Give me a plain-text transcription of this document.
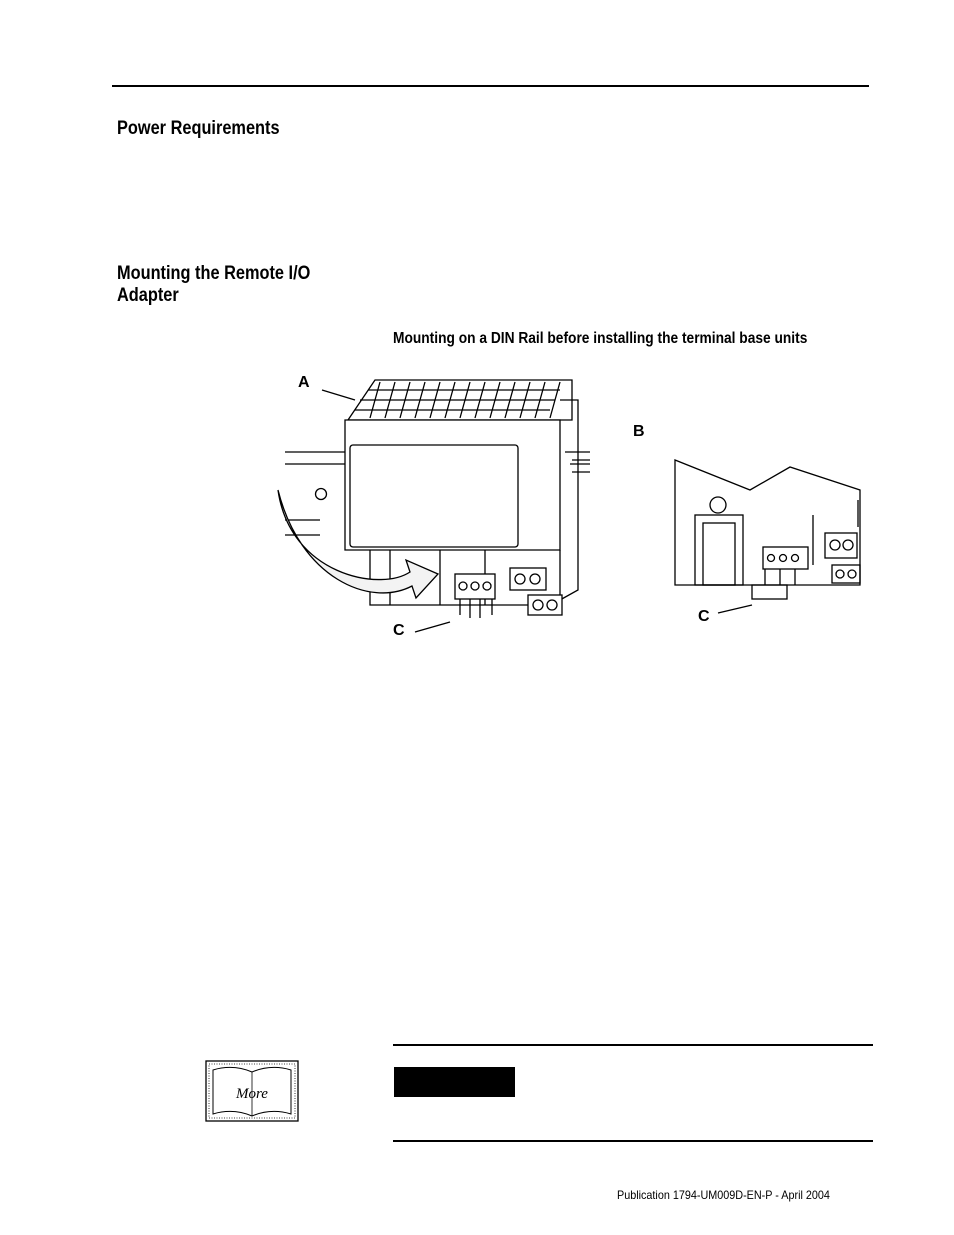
Power Requirements
Mounting the Remote I/O Adapter
Mounting on a DIN Rail before installing the terminal base units
A
B
C
C
More
Publication 1794-UM009D-EN-P - April 2004
